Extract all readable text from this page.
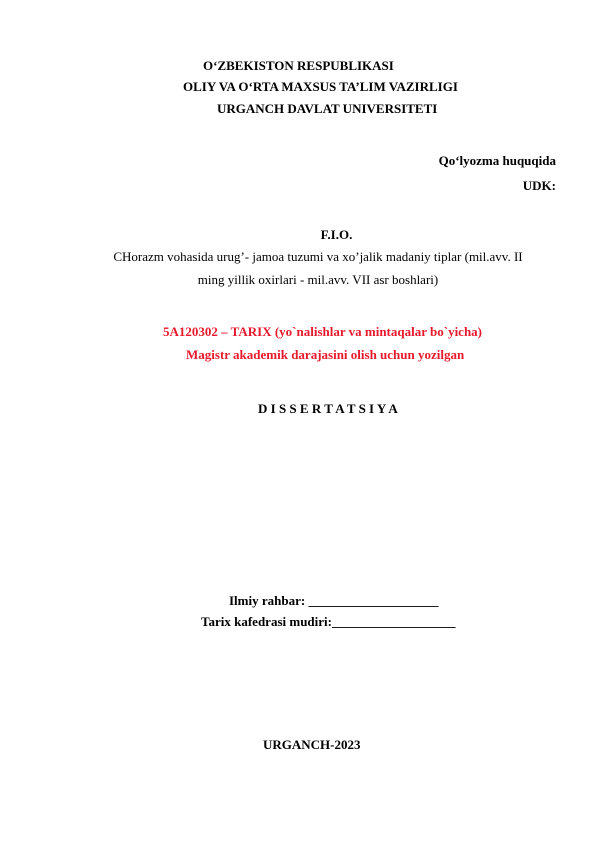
O‘ZBEKISTON RESPUBLIKASI
OLIY VA O‘RTA MAXSUS TA’LIM VAZIRLIGI
URGANCH DAVLAT UNIVERSITETI
Qo‘lyozma huquqida
UDK:
F.I.O.
CHorazm vohasida urug’- jamoa tuzumi va xo’jalik madaniy tiplar (mil.avv. II
ming yillik oxirlari - mil.avv. VII asr boshlari)
5A120302 – TARIX (yo`nalishlar va mintaqalar bo`yicha)
Magistr akademik darajasini olish uchun yozilgan
D I S S E R T A T S I Y A
Ilmiy rahbar: ____________________
Tarix kafedrasi mudiri:___________________
URGANCH-2023
